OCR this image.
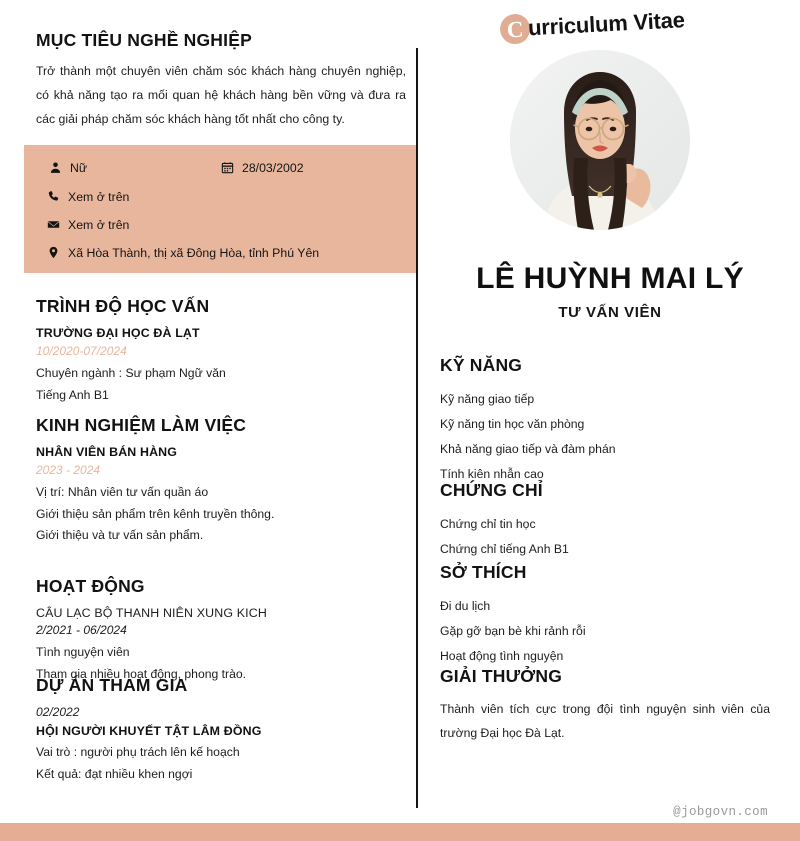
MỤC TIÊU NGHỀ NGHIỆP

Trở thành một chuyên viên chăm sóc khách hàng chuyên nghiệp, có khả năng tạo ra mối quan hệ khách hàng bền vững và đưa ra các giải pháp chăm sóc khách hàng tốt nhất cho công ty.

Nữ	28/03/2002
Xem ở trên
Xem ở trên
Xã Hòa Thành, thị xã Đông Hòa, tỉnh Phú Yên
TRÌNH ĐỘ HỌC VẤN

TRƯỜNG ĐẠI HỌC ĐÀ LẠT

10/2020-07/2024

Chuyên ngành : Sư phạm Ngữ văn

Tiếng Anh B1

KINH NGHIỆM LÀM VIỆC

NHÂN VIÊN BÁN HÀNG

2023 - 2024

Vị trí: Nhân viên tư vấn quần áo

Giới thiệu sản phẩm trên kênh truyền thông.

Giới thiệu và tư vấn sản phẩm.

HOẠT ĐỘNG

CÂU LẠC BỘ THANH NIÊN XUNG KICH

2/2021 - 06/2024

Tình nguyện viên

Tham gia nhiều hoạt động, phong trào.

DỰ ÁN THAM GIA

02/2022

HỘI NGƯỜI KHUYẾT TẬT LÂM ĐỒNG

Vai trò : người phụ trách lên kế hoạch

Kết quả: đạt nhiều khen ngợi

C urriculum Vitae
LÊ HUỲNH MAI LÝ

TƯ VẤN VIÊN

KỸ NĂNG

Kỹ năng giao tiếp

Kỹ năng tin học văn phòng

Khả năng giao tiếp và đàm phán

Tính kiên nhẫn cao

CHỨNG CHỈ

Chứng chỉ tin học

Chứng chỉ tiếng Anh B1

SỞ THÍCH

Đi du lịch

Gặp gỡ bạn bè khi rảnh rỗi

Hoạt động tình nguyện

GIẢI THƯỞNG

Thành viên tích cực trong đội tình nguyện sinh viên của trường Đại học Đà Lạt.

@jobgovn.com
